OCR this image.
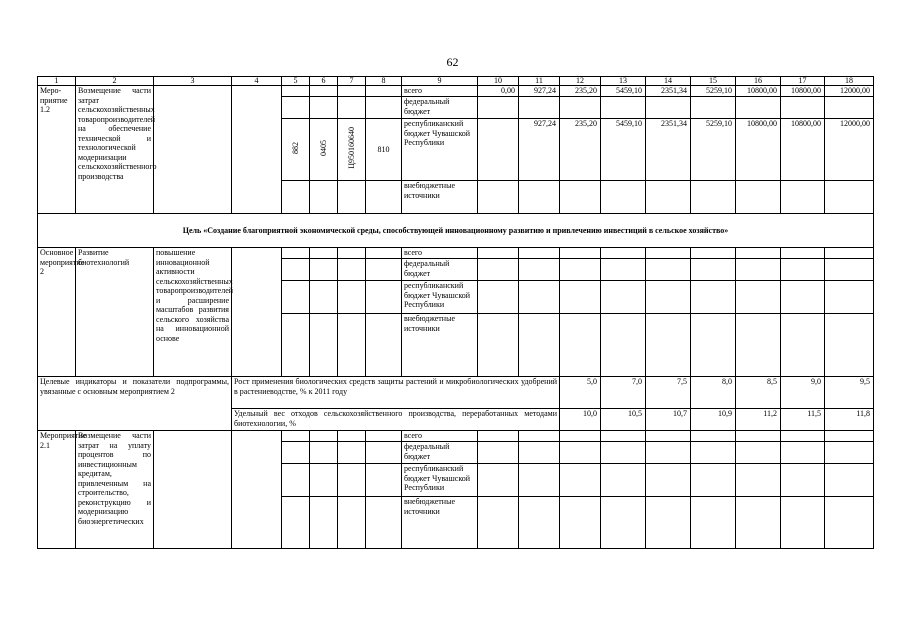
62
1	2	3	4	5	6	7	8	9	10	11	12	13	14	15	16	17	18
Меро-приятие 1.2	Возмещение части затрат сельскохозяйственных товаропроизводителей на обеспечение технической и технологической модернизации сельскохозяйственного производства							всего	0,00	927,24	235,20	5459,10	2351,34	5259,10	10800,00	10800,00	12000,00
								федеральный бюджет									
				882	0405	Ц950160640	810	республиканский бюджет Чувашской Республики		927,24	235,20	5459,10	2351,34	5259,10	10800,00	10800,00	12000,00
								внебюджетные источники									
Цель «Создание благоприятной экономической среды, способствующей инновационному развитию и привлечению инвестиций в сельское хозяйство»																	
Основное мероприятие 2	Развитие биотехнологий	повышение инновационной активности сельскохозяйственных товаропроизводителей и расширение масштабов развития сельского хозяйства на инновационной основе						всего									
								федеральный бюджет									
								республиканский бюджет Чувашской Республики									
								внебюджетные источники									
Целевые индикаторы и показатели подпрограммы, увязанные с основным мероприятием 2			Рост применения биологических средств защиты растений и микробиологических удобрений в растениеводстве, % к 2011 году								5,0	7,0	7,5	8,0	8,5	9,0	9,5
			Удельный вес отходов сельскохозяйственного производства, переработанных методами биотехнологии, %								10,0	10,5	10,7	10,9	11,2	11,5	11,8
Мероприятие 2.1	Возмещение части затрат на уплату процентов по инвестиционным кредитам, привлеченным на строительство, реконструкцию и модернизацию биоэнергетических							всего									
								федеральный бюджет									
								республиканский бюджет Чувашской Республики									
								внебюджетные источники									
